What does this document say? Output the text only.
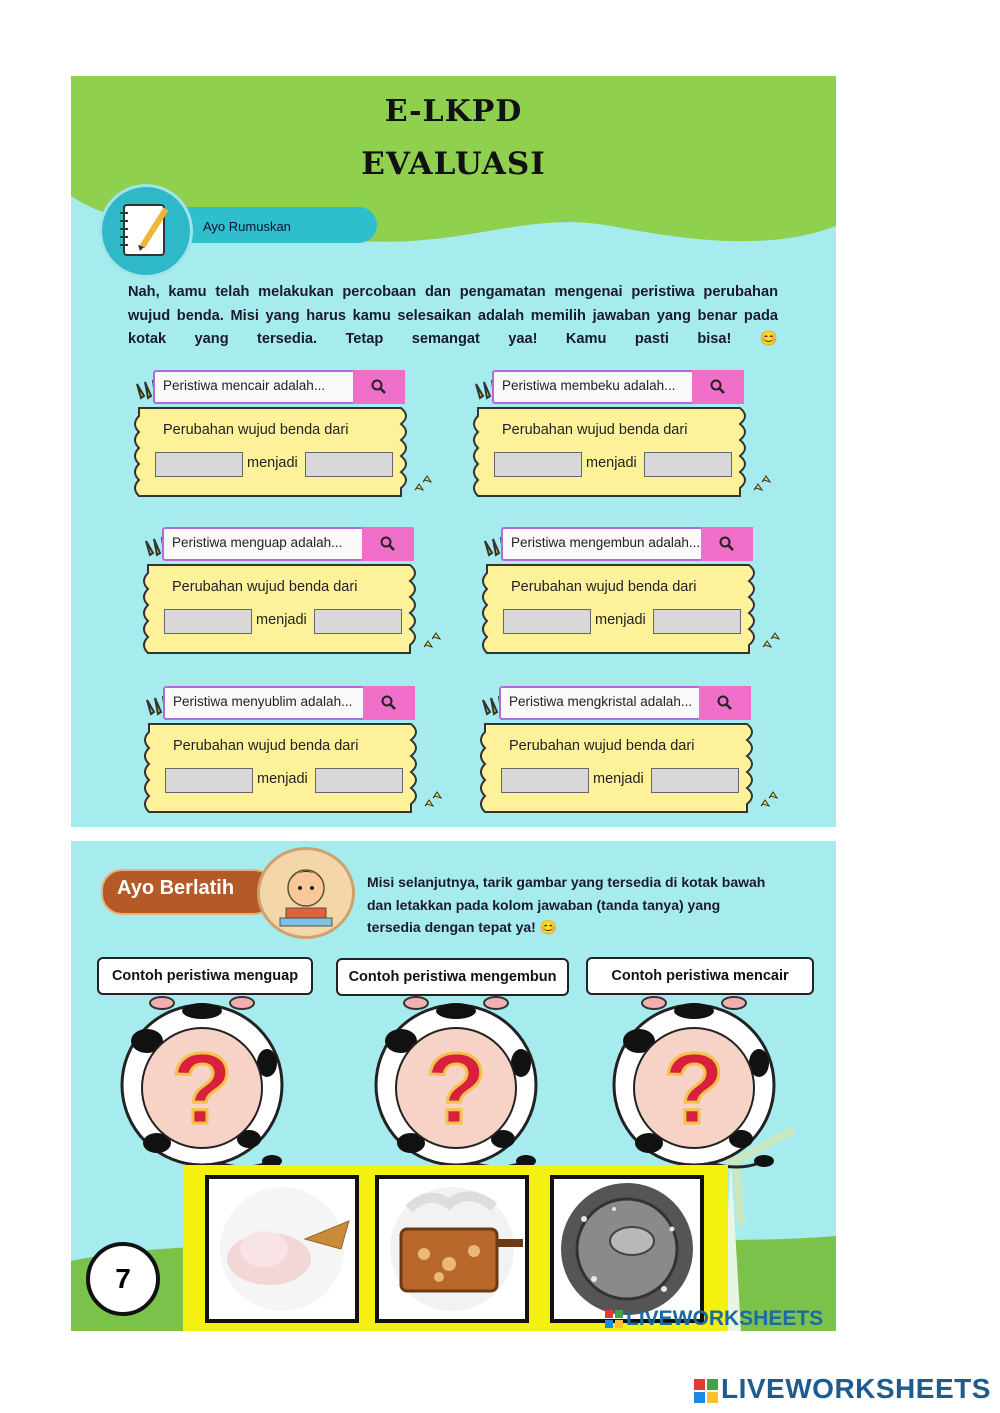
E-LKPD
EVALUASI
Ayo Rumuskan
Nah, kamu telah melakukan percobaan dan pengamatan mengenai peristiwa perubahan wujud benda. Misi yang harus kamu selesaikan adalah memilih jawaban yang benar pada kotak yang tersedia. Tetap semangat yaa! Kamu pasti bisa! 😊
Peristiwa mencair adalah...
Perubahan wujud benda dari
menjadi
Peristiwa membeku adalah...
Perubahan wujud benda dari
menjadi
Peristiwa menguap adalah...
Perubahan wujud benda dari
menjadi
Peristiwa mengembun adalah...
Perubahan wujud benda dari
menjadi
Peristiwa menyublim adalah...
Perubahan wujud benda dari
menjadi
Peristiwa mengkristal adalah...
Perubahan wujud benda dari
menjadi
Ayo Berlatih	Misi selanjutnya, tarik gambar yang tersedia di kotak bawah dan letakkan pada kolom jawaban (tanda tanya) yang tersedia dengan tepat ya! 😊
Contoh peristiwa menguap	Contoh peristiwa mengembun	Contoh peristiwa mencair
? ? ?
7
LIVEWORKSHEETS
LIVEWORKSHEETS
